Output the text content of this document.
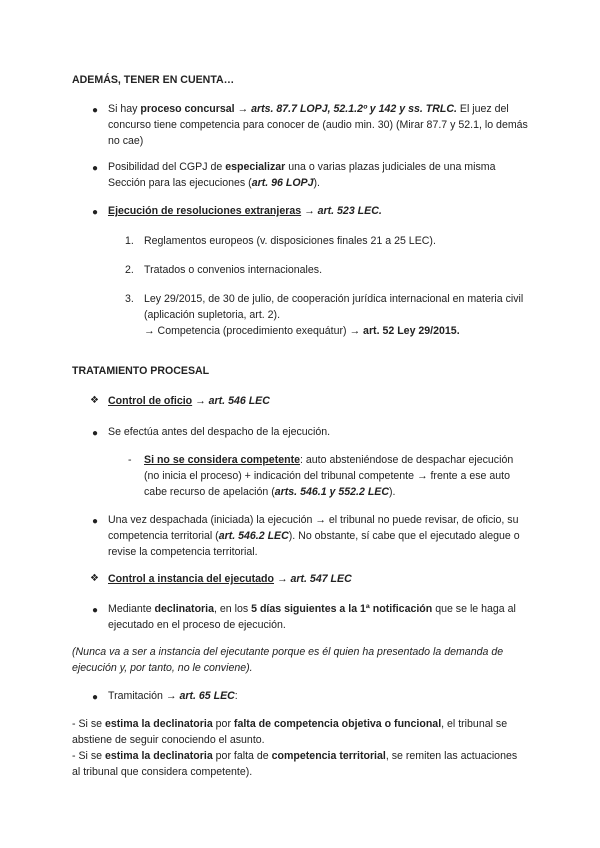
ADEMÁS, TENER EN CUENTA…
● Si hay proceso concursal → arts. 87.7 LOPJ, 52.1.2º y 142 y ss. TRLC. El juez del concurso tiene competencia para conocer de (audio min. 30) (Mirar 87.7 y 52.1, lo demás no cae)
● Posibilidad del CGPJ de especializar una o varias plazas judiciales de una misma Sección para las ejecuciones (art. 96 LOPJ).
● Ejecución de resoluciones extranjeras → art. 523 LEC.
1. Reglamentos europeos (v. disposiciones finales 21 a 25 LEC).
2. Tratados o convenios internacionales.
3. Ley 29/2015, de 30 de julio, de cooperación jurídica internacional en materia civil (aplicación supletoria, art. 2).
→ Competencia (procedimiento exequátur) → art. 52 Ley 29/2015.
TRATAMIENTO PROCESAL
❖ Control de oficio → art. 546 LEC
● Se efectúa antes del despacho de la ejecución.
- Si no se considera competente: auto absteniéndose de despachar ejecución (no inicia el proceso) + indicación del tribunal competente → frente a ese auto cabe recurso de apelación (arts. 546.1 y 552.2 LEC).
● Una vez despachada (iniciada) la ejecución → el tribunal no puede revisar, de oficio, su competencia territorial (art. 546.2 LEC). No obstante, sí cabe que el ejecutado alegue o revise la competencia territorial.
❖ Control a instancia del ejecutado → art. 547 LEC
● Mediante declinatoria, en los 5 días siguientes a la 1ª notificación que se le haga al ejecutado en el proceso de ejecución.
(Nunca va a ser a instancia del ejecutante porque es él quien ha presentado la demanda de ejecución y, por tanto, no le conviene).
● Tramitación → art. 65 LEC:
- Si se estima la declinatoria por falta de competencia objetiva o funcional, el tribunal se abstiene de seguir conociendo el asunto.
- Si se estima la declinatoria por falta de competencia territorial, se remiten las actuaciones al tribunal que considera competente).
